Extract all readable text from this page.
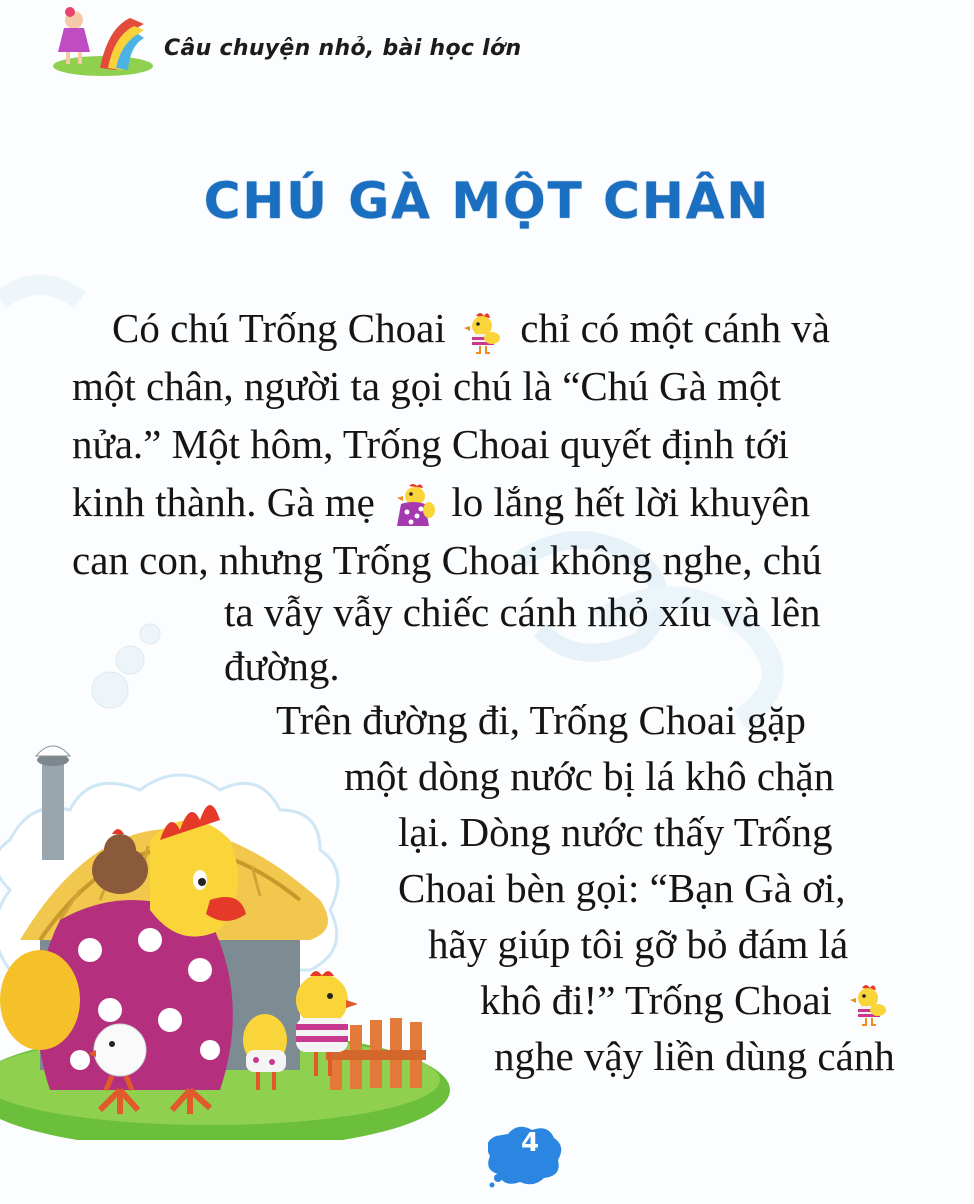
Câu chuyện nhỏ, bài học lớn
CHÚ GÀ MỘT CHÂN
Có chú Trống Choai chỉ có một cánh và
một chân, người ta gọi chú là “Chú Gà một
nửa.” Một hôm, Trống Choai quyết định tới
kinh thành. Gà mẹ lo lắng hết lời khuyên
can con, nhưng Trống Choai không nghe, chú
ta vẫy vẫy chiếc cánh nhỏ xíu và lên
đường.
Trên đường đi, Trống Choai gặp
một dòng nước bị lá khô chặn
lại. Dòng nước thấy Trống
Choai bèn gọi: “Bạn Gà ơi,
hãy giúp tôi gỡ bỏ đám lá
khô đi!” Trống Choai
nghe vậy liền dùng cánh
4
